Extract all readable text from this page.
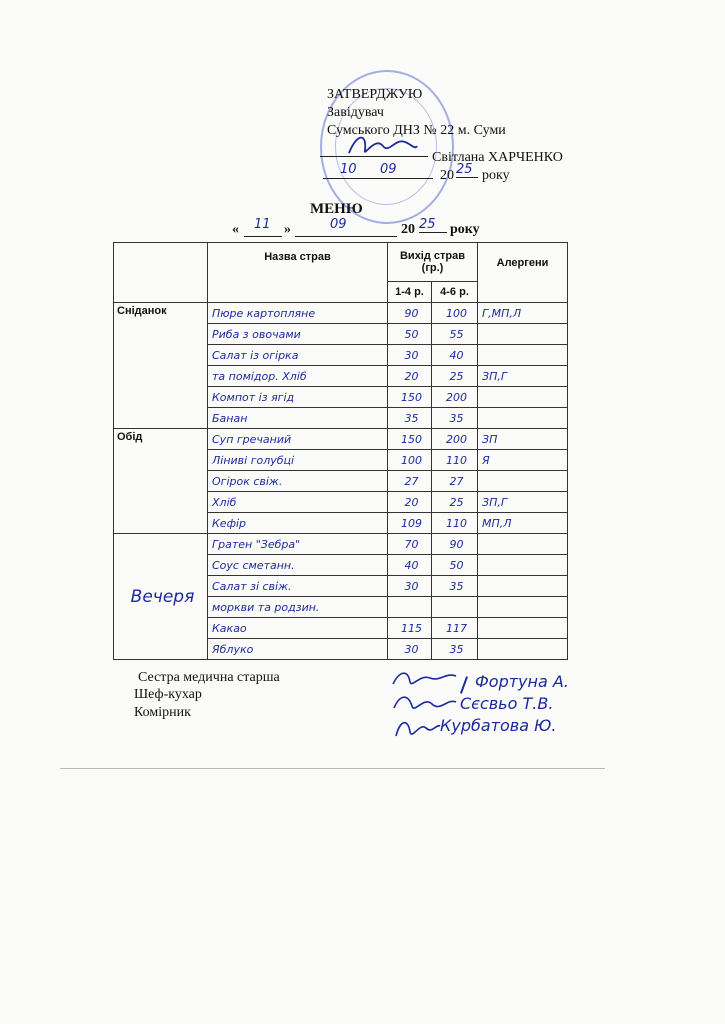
ЗАТВЕРДЖУЮ
Завідувач
Сумського ДНЗ № 22 м. Суми
Світлана ХАРЧЕНКО
10 09	20 25 року
МЕНЮ
« 11 »	09	20 25	року
	Назва страв	Вихід страв (гр.)		Алергени
		1-4 р.	4-6 р.	
Сніданок	Пюре картопляне	90	100	Г,МП,Л
	Риба з овочами	50	55	
	Салат із огірка	30	40	
	та помідор. Хліб	20	25	ЗП,Г
	Компот із ягід	150	200	
	Банан	35	35	
Обід	Суп гречаний	150	200	ЗП
	Лінивi голубці	100	110	Я
	Огірок свіж.	27	27	
	Хліб	20	25	ЗП,Г
	Кефір	109	110	МП,Л
Вечеря	Гратен "Зебра"	70	90	
	Соус сметанн.	40	50	
	Салат зі свіж.	30	35	
	моркви та родзин.			
	Какао	115	117	
	Яблуко	30	35	
Сестра медична старша
Шеф-кухар
Комірник
Фортуна А.
Сєсвьо Т.В.
Курбатова Ю.
